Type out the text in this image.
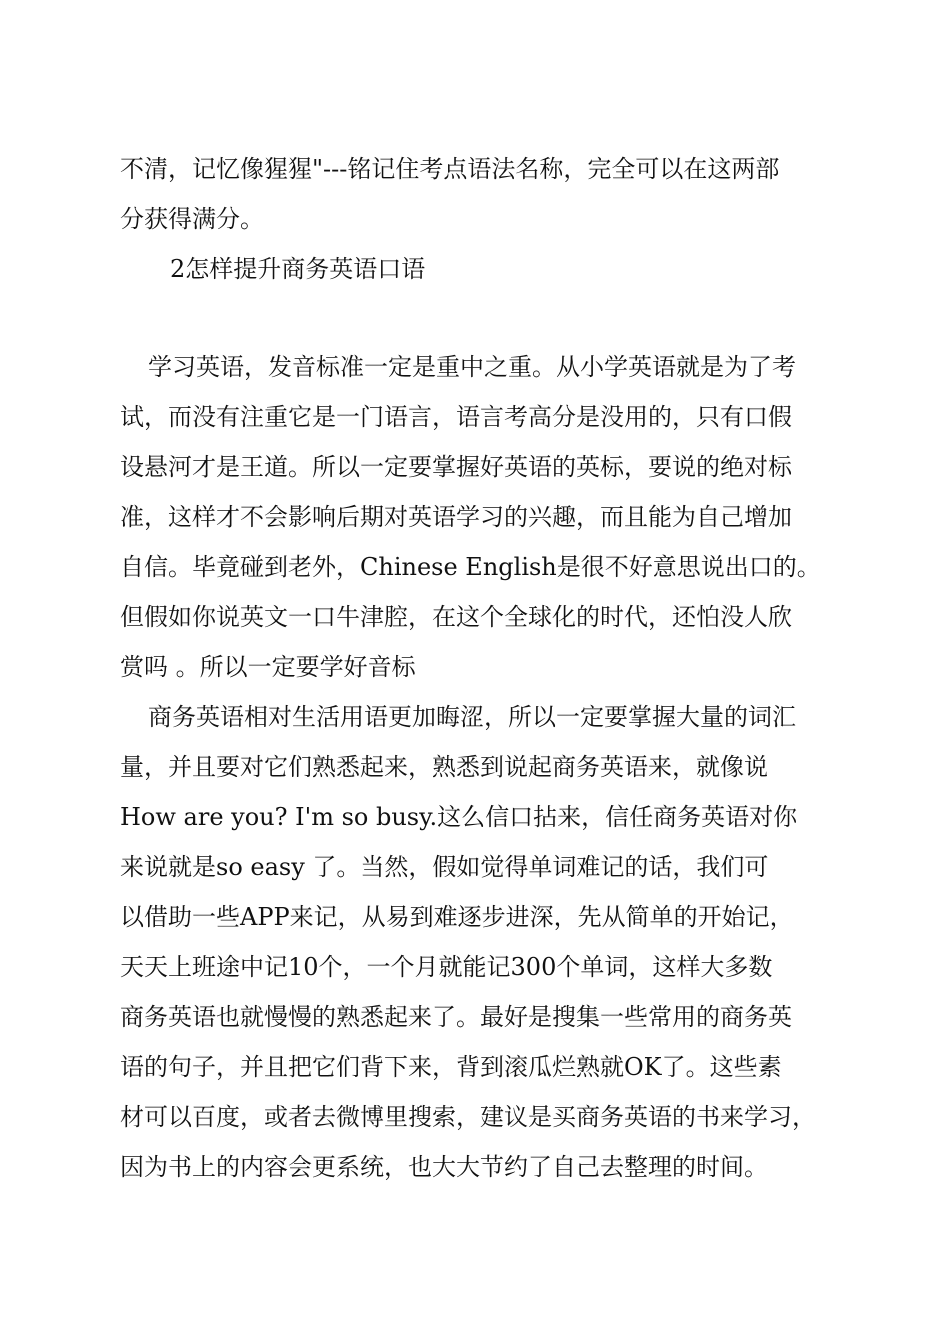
不清，记忆像猩猩"---铭记住考点语法名称，完全可以在这两部
分获得满分。
2怎样提升商务英语口语
学习英语，发音标准一定是重中之重。从小学英语就是为了考
试，而没有注重它是一门语言，语言考高分是没用的，只有口假
设悬河才是王道。所以一定要掌握好英语的英标，要说的绝对标
准，这样才不会影响后期对英语学习的兴趣，而且能为自己增加
自信。毕竟碰到老外，Chinese English是很不好意思说出口的。
但假如你说英文一口牛津腔，在这个全球化的时代，还怕没人欣
赏吗 。所以一定要学好音标
商务英语相对生活用语更加晦涩，所以一定要掌握大量的词汇
量，并且要对它们熟悉起来，熟悉到说起商务英语来，就像说
How are you? I'm so busy.这么信口拈来，信任商务英语对你
来说就是so easy 了。当然，假如觉得单词难记的话，我们可
以借助一些APP来记，从易到难逐步进深，先从简单的开始记，
天天上班途中记10个，一个月就能记300个单词，这样大多数
商务英语也就慢慢的熟悉起来了。最好是搜集一些常用的商务英
语的句子，并且把它们背下来，背到滚瓜烂熟就OK了。这些素
材可以百度，或者去微博里搜索，建议是买商务英语的书来学习，
因为书上的内容会更系统，也大大节约了自己去整理的时间。
